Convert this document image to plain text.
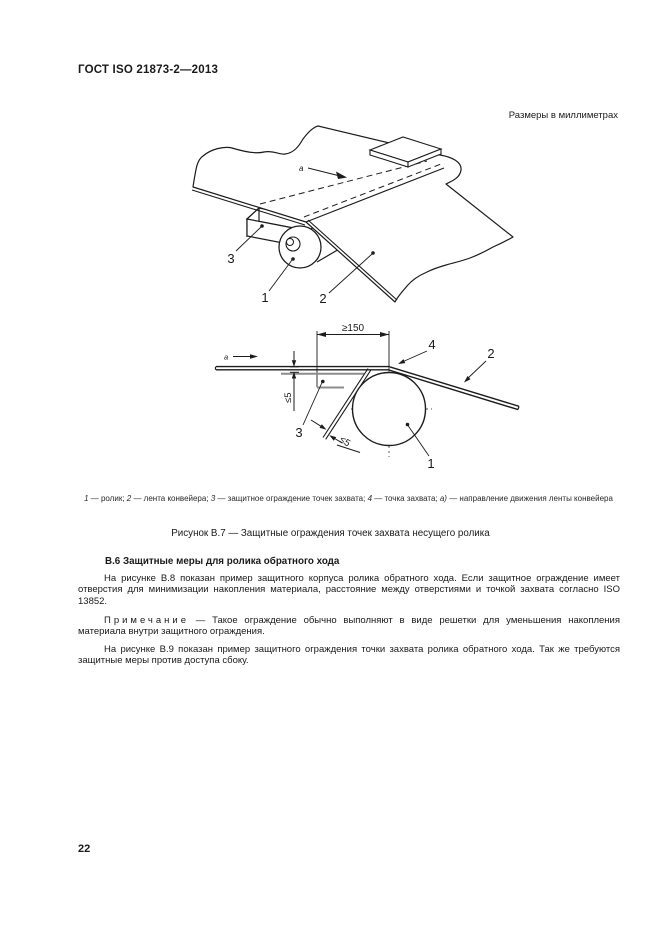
ГОСТ ISO 21873-2—2013
Размеры в миллиметрах
а
3
1	2
≥150
≤5
≤5
а
4
2
3
1
1 — ролик; 2 — лента конвейера; 3 — защитное ограждение точек захвата; 4 — точка захвата; а) — направление движения ленты конвейера
Рисунок В.7 — Защитные ограждения точек захвата несущего ролика
В.6 Защитные меры для ролика обратного хода

На рисунке В.8 показан пример защитного корпуса ролика обратного хода. Если защитное ограждение имеет отверстия для минимизации накопления материала, расстояние между отверстиями и точкой захвата согласно ISO 13852.

Примечание — Такое ограждение обычно выполняют в виде решетки для уменьшения накопления материала внутри защитного ограждения.

На рисунке В.9 показан пример защитного ограждения точки захвата ролика обратного хода. Так же требуются защитные меры против доступа сбоку.

22
